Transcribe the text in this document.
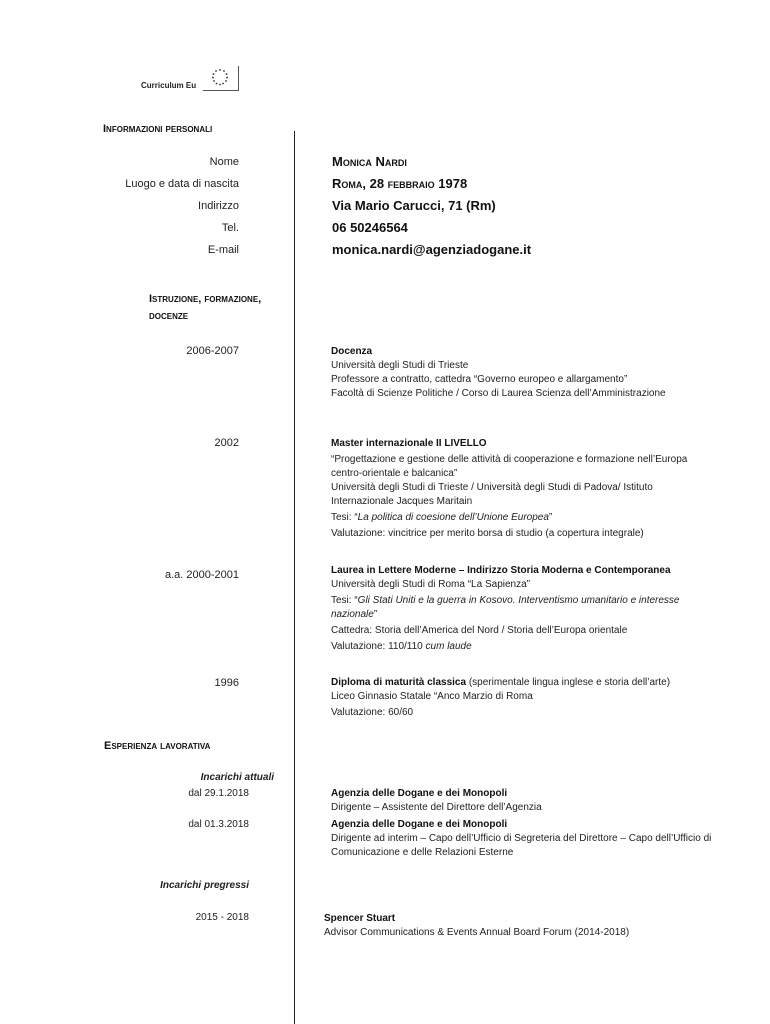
Curriculum Eu
Informazioni personali
Nome	Monica Nardi
Luogo e data di nascita	Roma, 28 febbraio 1978
Indirizzo	Via Mario Carucci, 71 (Rm)
Tel.	06 50246564
E-mail	monica.nardi@agenziadogane.it
Istruzione, formazione,
docenze
2006-2007	Docenza
Università degli Studi di Trieste
Professore a contratto, cattedra “Governo europeo e allargamento”
Facoltà di Scienze Politiche / Corso di Laurea Scienza dell’Amministrazione
2002	Master internazionale II LIVELLO
“Progettazione e gestione delle attività di cooperazione e formazione nell’Europa
centro-orientale e balcanica”
Università degli Studi di Trieste / Università degli Studi di Padova/ Istituto
Internazionale Jacques Maritain
Tesi: “La politica di coesione dell’Unione Europea”
Valutazione: vincitrice per merito borsa di studio (a copertura integrale)
a.a. 2000-2001	Laurea in Lettere Moderne – Indirizzo Storia Moderna e Contemporanea
Università degli Studi di Roma “La Sapienza”
Tesi: “Gli Stati Uniti e la guerra in Kosovo. Interventismo umanitario e interesse
nazionale”
Cattedra: Storia dell’America del Nord / Storia dell’Europa orientale
Valutazione: 110/110 cum laude
1996	Diploma di maturità classica (sperimentale lingua inglese e storia dell’arte)
Liceo Ginnasio Statale “Anco Marzio di Roma
Valutazione: 60/60
Esperienza lavorativa
Incarichi attuali
dal 29.1.2018	Agenzia delle Dogane e dei Monopoli
Dirigente – Assistente del Direttore dell’Agenzia
dal 01.3.2018	Agenzia delle Dogane e dei Monopoli
Dirigente ad interim – Capo dell’Ufficio di Segreteria del Direttore – Capo dell’Ufficio di
Comunicazione e delle Relazioni Esterne
Incarichi pregressi
2015 - 2018	Spencer Stuart
Advisor Communications & Events Annual Board Forum (2014-2018)
